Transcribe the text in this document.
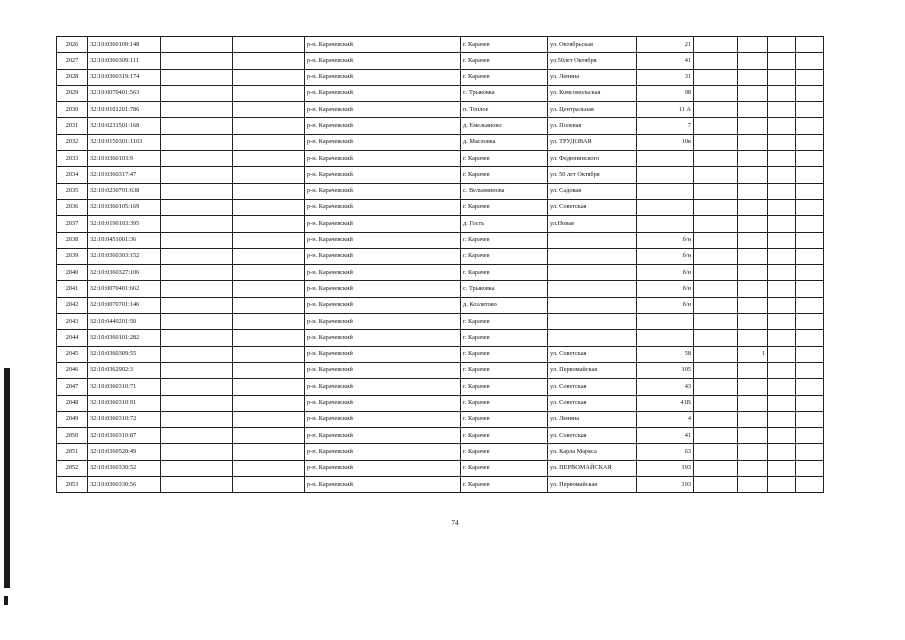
2026	32:10:0360109:148			р-н. Карачевский	г. Карачев	ул. Октябрьская	21				
2027	32:10:0360309:111			р-н. Карачевский	г. Карачев	ул.50лет Октября	41				
2028	32:10:0360319:174			р-н. Карачевский	г. Карачев	ул. Ленина	31				
2029	32:10:0070401:563			р-н. Карачевский	с. Трыковка	ул. Комсомольская	98				
2030	32:10:0101201:786			р-н. Карачевский	п. Теплое	ул. Центральная	11 А				
2031	32:10:0231501:168			р-н. Карачевский	д. Емельяново	ул. Полевая	7				
2032	32:10:0150301:1103			р-н. Карачевский	д. Масловка	ул. ТРУДОВАЯ	10в				
2033	32:10:0360103:9			р-н. Карачевский	г. Карачев	ул. Федюнинского					
2034	32:10:0360317:47			р-н. Карачевский	г. Карачев	ул. 50 лет Октября					
2035	32:10:0230701:638			р-н. Карачевский	с. Вельяминова	ул. Садовая					
2036	32:10:0360105:169			р-н. Карачевский	г. Карачев	ул. Советская					
2037	32:10:0190103:395			р-н. Карачевский	д. Гость	ул.Новая					
2038	32:10:0451001:36			р-н. Карачевский	г. Карачев		б/н				
2039	32:10:0360303:152			р-н. Карачевский	г. Карачев		б/н				
2040	32:10:0360327:106			р-н. Карачевский	г. Карачев		б/н				
2041	32:10:0070401:662			р-н. Карачевский	с. Трыковка		б/н				
2042	32:10:0070701:146			р-н. Карачевский	д. Козлятово		б/н				
2043	32:10:0440201:50			р-н. Карачевский	г. Карачев						
2044	32:10:0360101:282			р-н. Карачевский	г. Карачев						
2045	32:10:0360309:55			р-н. Карачевский	г. Карачев	ул. Советская	58		1		
2046	32:10:0362902:3			р-н. Карачевский	г. Карачев	ул. Первомайская	105				
2047	32:10:0360310:71			р-н. Карачевский	г. Карачев	ул. Советская	43				
2048	32:10:0360310:91			р-н. Карачевский	г. Карачев	ул. Советская	41В				
2049	32:10:0360310:72			р-н. Карачевский	г. Карачев	ул. Ленина	4				
2050	32:10:0360310:87			р-н. Карачевский	г. Карачев	ул. Советская	41				
2051	32:10:0360520:49			р-н. Карачевский	г. Карачев	ул. Карла Маркса	63				
2052	32:10:0360330:52			р-н. Карачевский	г. Карачев	ул. ПЕРВОМАЙСКАЯ	193				
2053	32:10:0360330:56			р-н. Карачевский	г. Карачев	ул. Первомайская	193				
74
